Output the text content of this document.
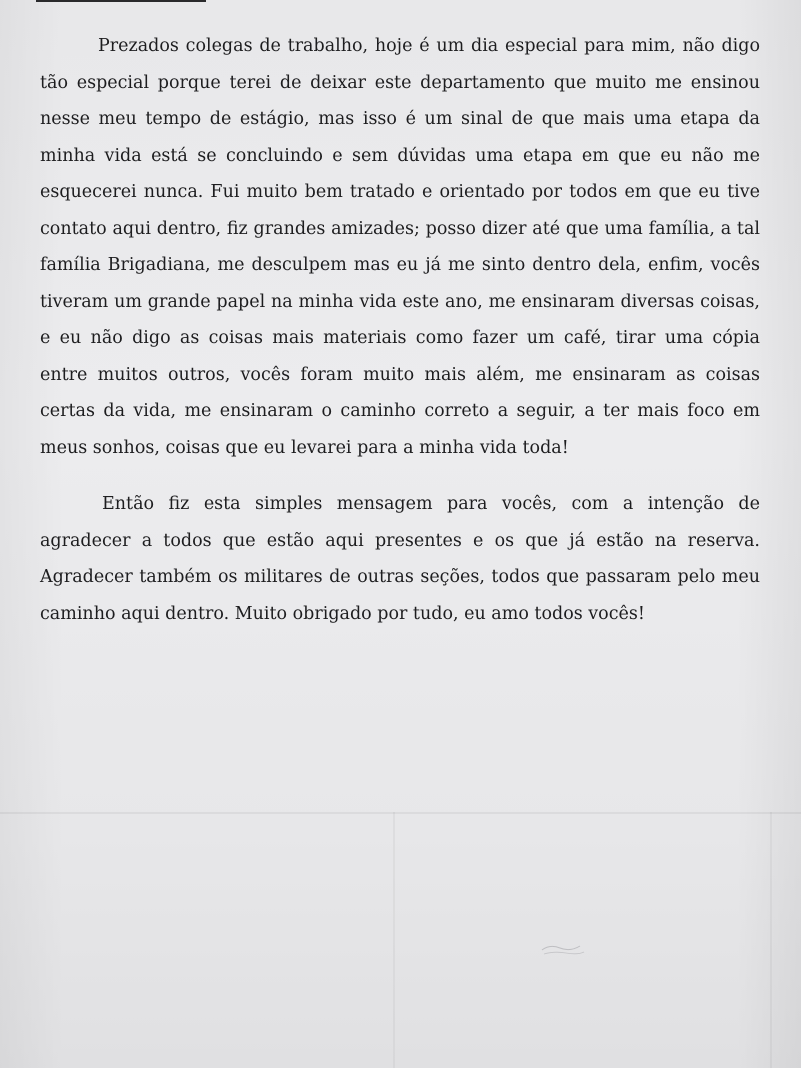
Prezados colegas de trabalho, hoje é um dia especial para mim, não digo tão especial porque terei de deixar este departamento que muito me ensinou nesse meu tempo de estágio, mas isso é um sinal de que mais uma etapa da minha vida está se concluindo e sem dúvidas uma etapa em que eu não me esquecerei nunca. Fui muito bem tratado e orientado por todos em que eu tive contato aqui dentro, fiz grandes amizades; posso dizer até que uma família, a tal família Brigadiana, me desculpem mas eu já me sinto dentro dela, enfim, vocês tiveram um grande papel na minha vida este ano, me ensinaram diversas coisas, e eu não digo as coisas mais materiais como fazer um café, tirar uma cópia entre muitos outros, vocês foram muito mais além, me ensinaram as coisas certas da vida, me ensinaram o caminho correto a seguir, a ter mais foco em meus sonhos, coisas que eu levarei para a minha vida toda!

Então fiz esta simples mensagem para vocês, com a intenção de agradecer a todos que estão aqui presentes e os que já estão na reserva. Agradecer também os militares de outras seções, todos que passaram pelo meu caminho aqui dentro. Muito obrigado por tudo, eu amo todos vocês!
